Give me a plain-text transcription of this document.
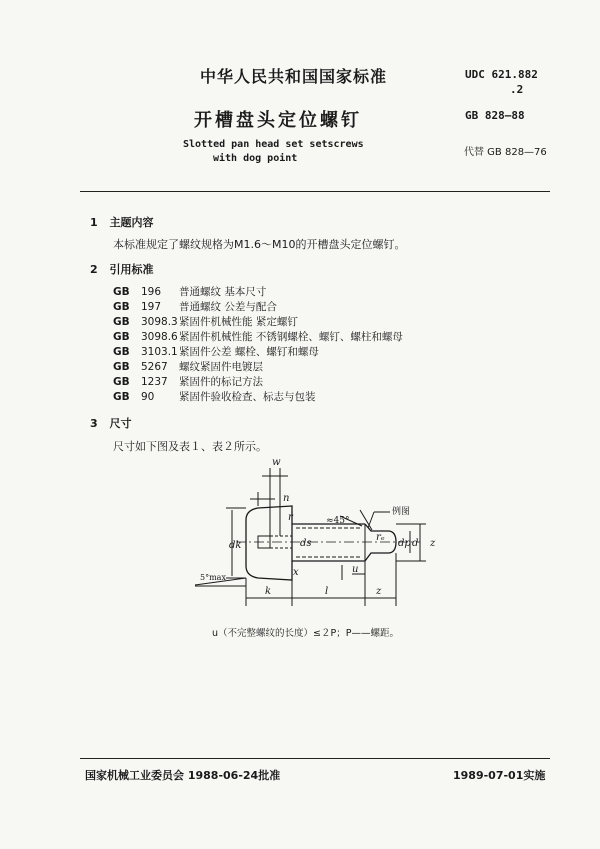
中华人民共和国国家标准	UDC 621.882
.2
开槽盘头定位螺钉	GB 828—88
Slotted pan head set setscrews
with dog point
代替 GB 828—76
1 主题内容
本标准规定了螺纹规格为M1.6～M10的开槽盘头定位螺钉。
2 引用标准
GB 196 普通螺纹 基本尺寸
GB 197 普通螺纹 公差与配合
GB 3098.3紧固件机械性能 紧定螺钉
GB 3098.6紧固件机械性能 不锈钢螺栓、螺钉、螺柱和螺母
GB 3103.1紧固件公差 螺栓、螺钉和螺母
GB 5267 螺纹紧固件电镀层
GB 1237 紧固件的标记方法
GB 90 紧固件验收检查、标志与包装
3 尺寸
尺寸如下图及表１、表２所示。
w
n
≈45°
例图
dk	ds	dp d z
r
rₑ
k	l
u
x
5°max
z
u（不完整螺纹的长度）≤２P；P——螺距。
国家机械工业委员会 1988-06-24批准	1989-07-01实施
